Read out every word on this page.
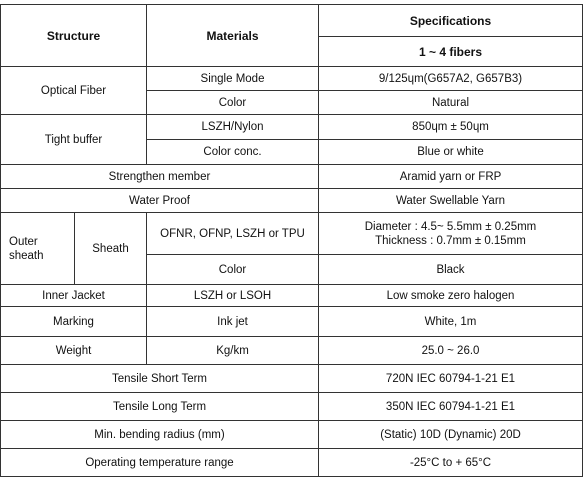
Structure		Materials	Specifications
			1 ~ 4 fibers
Optical Fiber		Single Mode	9/125ɥm(G657A2, G657B3)
		Color	Natural
Tight buffer		LSZH/Nylon	850ɥm ± 50ɥm
		Color conc.	Blue or white
Strengthen member			Aramid yarn or FRP
Water Proof			Water Swellable Yarn
Outer
sheath	Sheath	OFNR, OFNP, LSZH or TPU	Diameter : 4.5~ 5.5mm ± 0.25mm
Thickness : 0.7mm ± 0.15mm
		Color	Black
Inner Jacket		LSZH or LSOH	Low smoke zero halogen
Marking		Ink jet	White, 1m
Weight		Kg/km	25.0 ~ 26.0
Tensile Short Term			720N IEC 60794-1-21 E1
Tensile Long Term			350N IEC 60794-1-21 E1
Min. bending radius (mm)			(Static) 10D (Dynamic) 20D
Operating temperature range			-25°C to + 65°C
